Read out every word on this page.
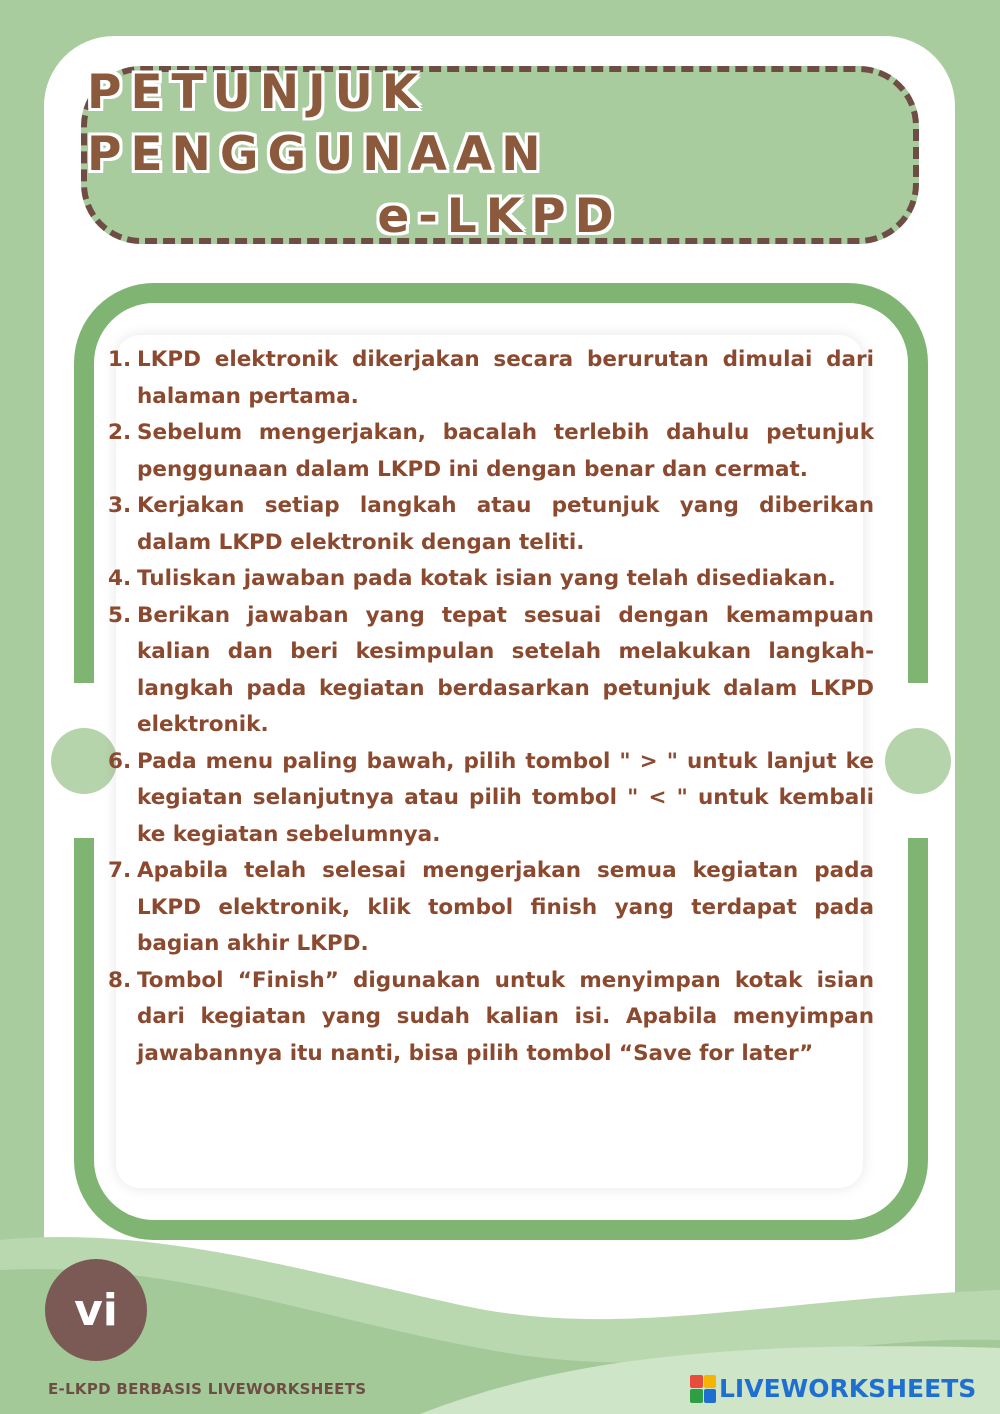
PETUNJUK PENGGUNAAN
e-LKPD
1. LKPD elektronik dikerjakan secara berurutan dimulai dari halaman pertama.
2. Sebelum mengerjakan, bacalah terlebih dahulu petunjuk penggunaan dalam LKPD ini dengan benar dan cermat.
3. Kerjakan setiap langkah atau petunjuk yang diberikan dalam LKPD elektronik dengan teliti.
4. Tuliskan jawaban pada kotak isian yang telah disediakan.
5. Berikan jawaban yang tepat sesuai dengan kemampuan kalian dan beri kesimpulan setelah melakukan langkah-langkah pada kegiatan berdasarkan petunjuk dalam LKPD elektronik.
6. Pada menu paling bawah, pilih tombol " > " untuk lanjut ke kegiatan selanjutnya atau pilih tombol " < " untuk kembali ke kegiatan sebelumnya.
7. Apabila telah selesai mengerjakan semua kegiatan pada LKPD elektronik, klik tombol finish yang terdapat pada bagian akhir LKPD.
8. Tombol “Finish” digunakan untuk menyimpan kotak isian dari kegiatan yang sudah kalian isi. Apabila menyimpan jawabannya itu nanti, bisa pilih tombol “Save for later”
vi
E-LKPD BERBASIS LIVEWORKSHEETS	LIVEWORKSHEETS
